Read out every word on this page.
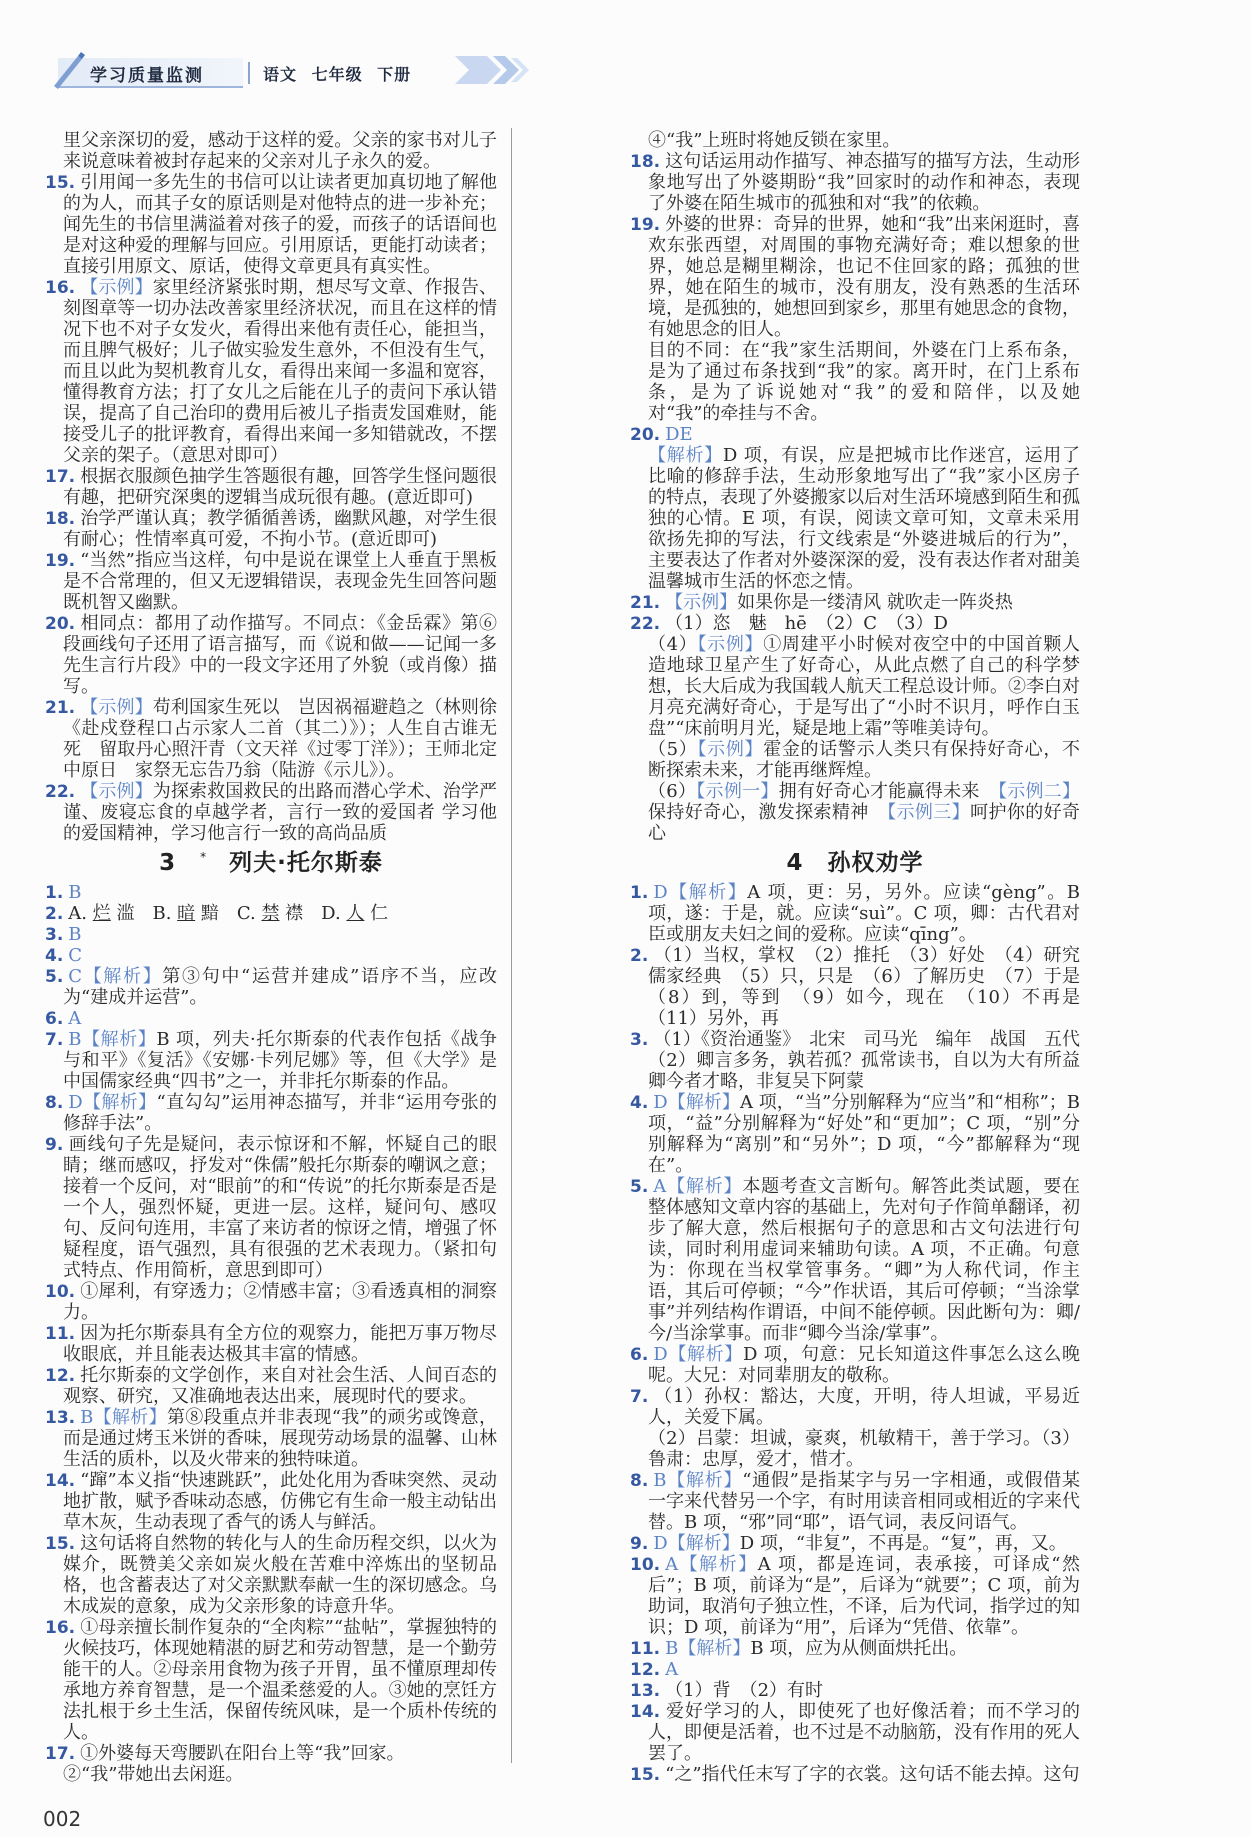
学习质量监测	语文 七年级 下册
里父亲深切的爱，感动于这样的爱。父亲的家书对儿子来说意味着被封存起来的父亲对儿子永久的爱。
15. 引用闻一多先生的书信可以让读者更加真切地了解他的为人，而其子女的原话则是对他特点的进一步补充；闻先生的书信里满溢着对孩子的爱，而孩子的话语间也是对这种爱的理解与回应。引用原话，更能打动读者；直接引用原文、原话，使得文章更具有真实性。
16. 【示例】家里经济紧张时期，想尽写文章、作报告、刻图章等一切办法改善家里经济状况，而且在这样的情况下也不对子女发火，看得出来他有责任心，能担当，而且脾气极好；儿子做实验发生意外，不但没有生气，而且以此为契机教育儿女，看得出来闻一多温和宽容，懂得教育方法；打了女儿之后能在儿子的责问下承认错误，提高了自己治印的费用后被儿子指责发国难财，能接受儿子的批评教育，看得出来闻一多知错就改，不摆父亲的架子。（意思对即可）
17. 根据衣服颜色抽学生答题很有趣，回答学生怪问题很有趣，把研究深奥的逻辑当成玩很有趣。(意近即可)
18. 治学严谨认真；教学循循善诱，幽默风趣，对学生很有耐心；性情率真可爱，不拘小节。(意近即可)
19. “当然”指应当这样，句中是说在课堂上人垂直于黑板是不合常理的，但又无逻辑错误，表现金先生回答问题既机智又幽默。
20. 相同点：都用了动作描写。不同点：《金岳霖》第⑥段画线句子还用了语言描写，而《说和做——记闻一多先生言行片段》中的一段文字还用了外貌（或肖像）描写。
21. 【示例】苟利国家生死以　岂因祸福避趋之（林则徐《赴戍登程口占示家人二首（其二）》）；人生自古谁无死　留取丹心照汗青（文天祥《过零丁洋》）；王师北定中原日　家祭无忘告乃翁（陆游《示儿》）。
22. 【示例】为探索救国救民的出路而潜心学术、治学严谨、废寝忘食的卓越学者，言行一致的爱国者 学习他的爱国精神，学习他言行一致的高尚品质
3 * 列夫·托尔斯泰
1. B
2. A. 烂 滥　B. 暗 黯　C. 禁 襟　D. 人 仁
3. B
4. C
5. C【解析】第③句中“运营并建成”语序不当，应改为“建成并运营”。
6. A
7. B【解析】B 项，列夫·托尔斯泰的代表作包括《战争与和平》《复活》《安娜·卡列尼娜》等，但《大学》是中国儒家经典“四书”之一，并非托尔斯泰的作品。
8. D【解析】“直勾勾”运用神态描写，并非“运用夸张的修辞手法”。
9. 画线句子先是疑问，表示惊讶和不解，怀疑自己的眼睛；继而感叹，抒发对“侏儒”般托尔斯泰的嘲讽之意；接着一个反问，对“眼前”的和“传说”的托尔斯泰是否是一个人，强烈怀疑，更进一层。这样，疑问句、感叹句、反问句连用，丰富了来访者的惊讶之情，增强了怀疑程度，语气强烈，具有很强的艺术表现力。（紧扣句式特点、作用简析，意思到即可）
10. ①犀利，有穿透力；②情感丰富；③看透真相的洞察力。
11. 因为托尔斯泰具有全方位的观察力，能把万事万物尽收眼底，并且能表达极其丰富的情感。
12. 托尔斯泰的文学创作，来自对社会生活、人间百态的观察、研究，又准确地表达出来，展现时代的要求。
13. B【解析】第⑧段重点并非表现“我”的顽劣或馋意，而是通过烤玉米饼的香味，展现劳动场景的温馨、山林生活的质朴，以及火带来的独特味道。
14. “蹿”本义指“快速跳跃”，此处化用为香味突然、灵动地扩散，赋予香味动态感，仿佛它有生命一般主动钻出草木灰，生动表现了香气的诱人与鲜活。
15. 这句话将自然物的转化与人的生命历程交织，以火为媒介，既赞美父亲如炭火般在苦难中淬炼出的坚韧品格，也含蓄表达了对父亲默默奉献一生的深切感念。乌木成炭的意象，成为父亲形象的诗意升华。
16. ①母亲擅长制作复杂的“全肉粽”“盐帖”，掌握独特的火候技巧，体现她精湛的厨艺和劳动智慧，是一个勤劳能干的人。②母亲用食物为孩子开胃，虽不懂原理却传承地方养育智慧，是一个温柔慈爱的人。③她的烹饪方法扎根于乡土生活，保留传统风味，是一个质朴传统的人。
17. ①外婆每天弯腰趴在阳台上等“我”回家。
②“我”带她出去闲逛。
④“我”上班时将她反锁在家里。
18. 这句话运用动作描写、神态描写的描写方法，生动形象地写出了外婆期盼“我”回家时的动作和神态，表现了外婆在陌生城市的孤独和对“我”的依赖。
19. 外婆的世界：奇异的世界，她和“我”出来闲逛时，喜欢东张西望，对周围的事物充满好奇；难以想象的世界，她总是糊里糊涂，也记不住回家的路；孤独的世界，她在陌生的城市，没有朋友，没有熟悉的生活环境，是孤独的，她想回到家乡，那里有她思念的食物，有她思念的旧人。
目的不同：在“我”家生活期间，外婆在门上系布条，是为了通过布条找到“我”的家。离开时，在门上系布条，是为了诉说她对“我”的爱和陪伴，以及她对“我”的牵挂与不舍。
20. DE
【解析】D 项，有误，应是把城市比作迷宫，运用了比喻的修辞手法，生动形象地写出了“我”家小区房子的特点，表现了外婆搬家以后对生活环境感到陌生和孤独的心情。E 项，有误，阅读文章可知，文章未采用欲扬先抑的写法，行文线索是“外婆进城后的行为”，主要表达了作者对外婆深深的爱，没有表达作者对甜美温馨城市生活的怀恋之情。
21. 【示例】如果你是一缕清风 就吹走一阵炎热
22. （1）恣　魅　hē　（2）C　（3）D
（4）【示例】①周建平小时候对夜空中的中国首颗人造地球卫星产生了好奇心，从此点燃了自己的科学梦想，长大后成为我国载人航天工程总设计师。②李白对月亮充满好奇心，于是写出了“小时不识月，呼作白玉盘”“床前明月光，疑是地上霜”等唯美诗句。
（5）【示例】霍金的话警示人类只有保持好奇心，不断探索未来，才能再继辉煌。
（6）【示例一】拥有好奇心才能赢得未来　【示例二】保持好奇心，激发探索精神　【示例三】呵护你的好奇心
4 孙权劝学
1. D【解析】A 项，更：另，另外。应读“gèng”。B 项，遂：于是，就。应读“suì”。C 项，卿：古代君对臣或朋友夫妇之间的爱称。应读“qīng”。
2. （1）当权，掌权　（2）推托　（3）好处　（4）研究儒家经典　（5）只，只是　（6）了解历史　（7）于是　（8）到，等到　（9）如今，现在　（10）不再是　（11）另外，再
3. （1）《资治通鉴》　北宋　司马光　编年　战国　五代　（2）卿言多务，孰若孤？孤常读书，自以为大有所益　卿今者才略，非复吴下阿蒙
4. D【解析】A 项，“当”分别解释为“应当”和“相称”；B 项，“益”分别解释为“好处”和“更加”；C 项，“别”分别解释为“离别”和“另外”；D 项，“今”都解释为“现在”。
5. A【解析】本题考查文言断句。解答此类试题，要在整体感知文章内容的基础上，先对句子作简单翻译，初步了解大意，然后根据句子的意思和古文句法进行句读，同时利用虚词来辅助句读。A 项，不正确。句意为：你现在当权掌管事务。“卿”为人称代词，作主语，其后可停顿；“今”作状语，其后可停顿；“当涂掌事”并列结构作谓语，中间不能停顿。因此断句为：卿/今/当涂掌事。而非“卿今当涂/掌事”。
6. D【解析】D 项，句意：兄长知道这件事怎么这么晚呢。大兄：对同辈朋友的敬称。
7. （1）孙权：豁达，大度，开明，待人坦诚，平易近人，关爱下属。
（2）吕蒙：坦诚，豪爽，机敏精干，善于学习。（3）鲁肃：忠厚，爱才，惜才。
8. B【解析】“通假”是指某字与另一字相通，或假借某一字来代替另一个字，有时用读音相同或相近的字来代替。B 项，“邪”同“耶”，语气词，表反问语气。
9. D【解析】D 项，“非复”，不再是。“复”，再，又。
10. A【解析】A 项，都是连词，表承接，可译成“然后”；B 项，前译为“是”，后译为“就要”；C 项，前为助词，取消句子独立性，不译，后为代词，指学过的知识；D 项，前译为“用”，后译为“凭借、依靠”。
11. B【解析】B 项，应为从侧面烘托出。
12. A
13. （1）背　（2）有时
14. 爱好学习的人，即使死了也好像活着；而不学习的人，即便是活着，也不过是不动脑筋，没有作用的死人罢了。
15. “之”指代任末写了字的衣裳。这句话不能去掉。这句
002
